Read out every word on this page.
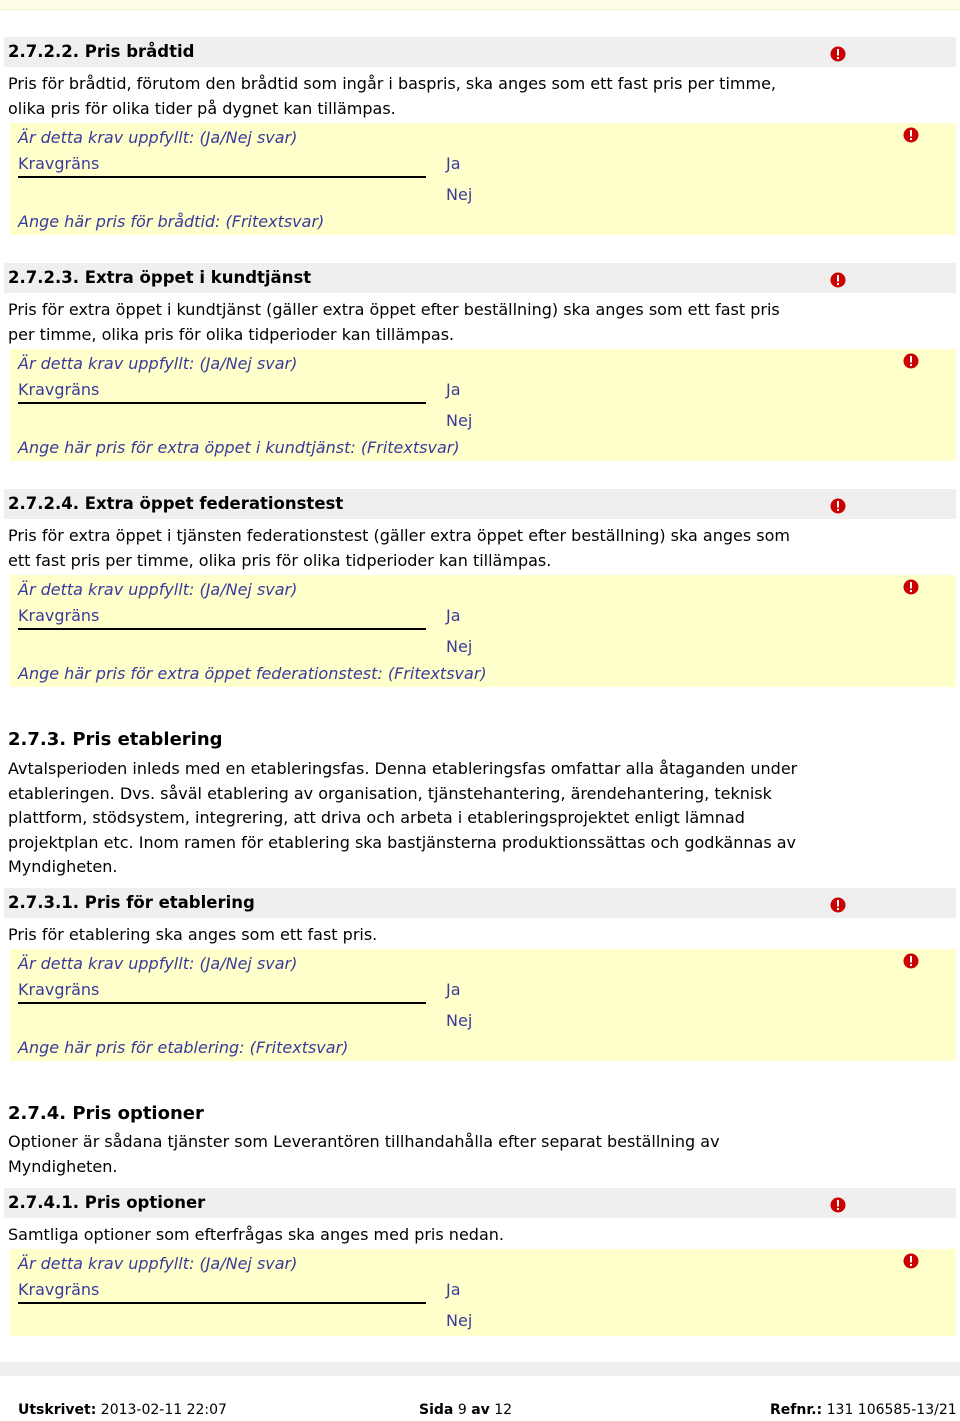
2.7.2.2. Pris brådtid
Pris för brådtid, förutom den brådtid som ingår i baspris, ska anges som ett fast pris per timme, olika pris för olika tider på dygnet kan tillämpas.
Är detta krav uppfyllt: (Ja/Nej svar)
Kravgräns	Ja
Nej
Ange här pris för brådtid: (Fritextsvar)
2.7.2.3. Extra öppet i kundtjänst
Pris för extra öppet i kundtjänst (gäller extra öppet efter beställning) ska anges som ett fast pris per timme, olika pris för olika tidperioder kan tillämpas.
Är detta krav uppfyllt: (Ja/Nej svar)
Kravgräns	Ja
Nej
Ange här pris för extra öppet i kundtjänst: (Fritextsvar)
2.7.2.4. Extra öppet federationstest
Pris för extra öppet i tjänsten federationstest (gäller extra öppet efter beställning) ska anges som ett fast pris per timme, olika pris för olika tidperioder kan tillämpas.
Är detta krav uppfyllt: (Ja/Nej svar)
Kravgräns	Ja
Nej
Ange här pris för extra öppet federationstest: (Fritextsvar)
2.7.3. Pris etablering
Avtalsperioden inleds med en etableringsfas. Denna etableringsfas omfattar alla åtaganden under etableringen. Dvs. såväl etablering av organisation, tjänstehantering, ärendehantering, teknisk plattform, stödsystem, integrering, att driva och arbeta i etableringsprojektet enligt lämnad projektplan etc. Inom ramen för etablering ska bastjänsterna produktionssättas och godkännas av Myndigheten.
2.7.3.1. Pris för etablering
Pris för etablering ska anges som ett fast pris.
Är detta krav uppfyllt: (Ja/Nej svar)
Kravgräns	Ja
Nej
Ange här pris för etablering: (Fritextsvar)
2.7.4. Pris optioner
Optioner är sådana tjänster som Leverantören tillhandahålla efter separat beställning av Myndigheten.
2.7.4.1. Pris optioner
Samtliga optioner som efterfrågas ska anges med pris nedan.
Är detta krav uppfyllt: (Ja/Nej svar)
Kravgräns	Ja
Nej
Utskrivet: 2013-02-11 22:07	Sida 9 av 12	Refnr.: 131 106585-13/21
